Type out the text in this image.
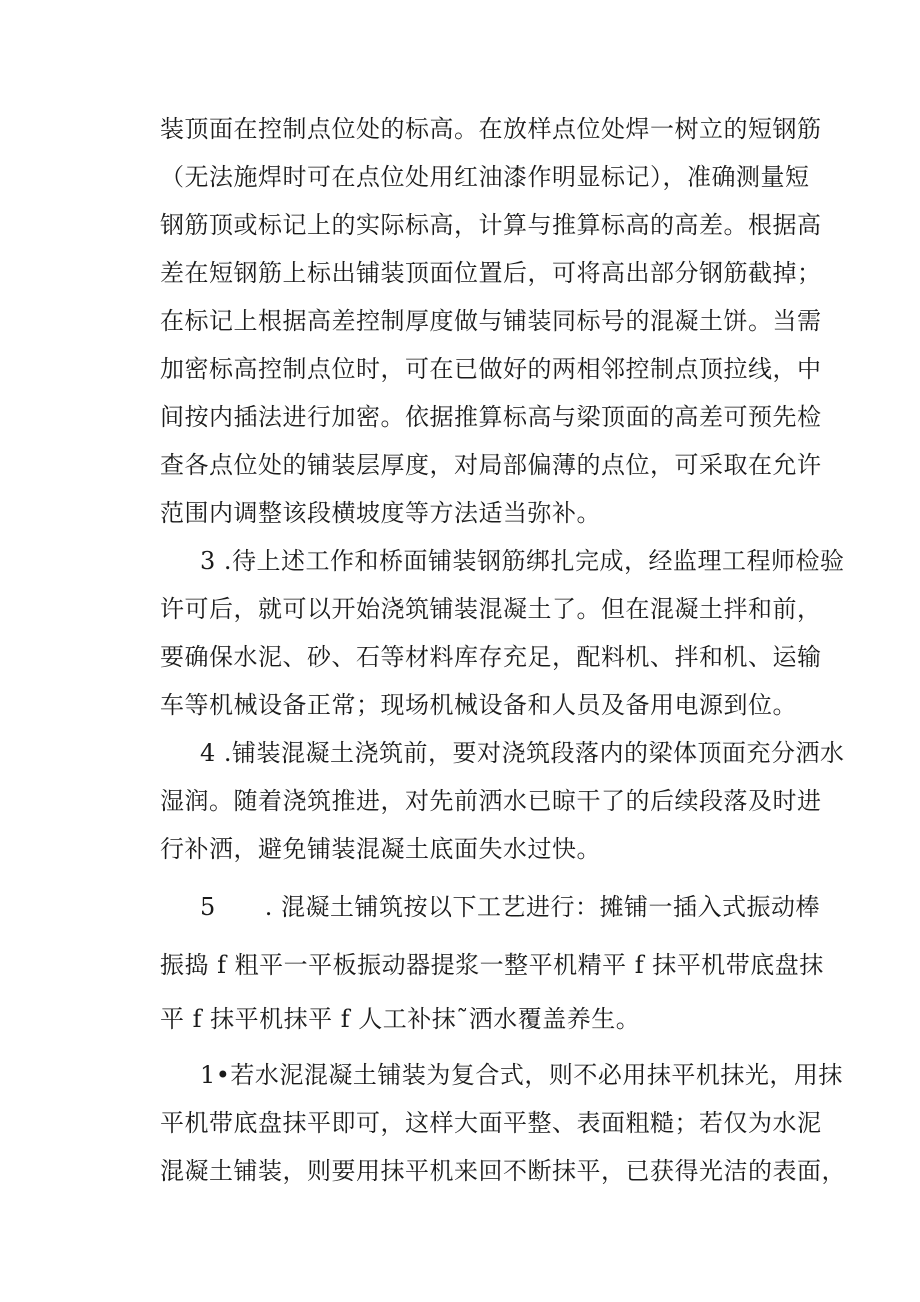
装顶面在控制点位处的标高。在放样点位处焊一树立的短钢筋
（无法施焊时可在点位处用红油漆作明显标记），准确测量短
钢筋顶或标记上的实际标高，计算与推算标高的高差。根据高
差在短钢筋上标出铺装顶面位置后，可将高出部分钢筋截掉；
在标记上根据高差控制厚度做与铺装同标号的混凝土饼。当需
加密标高控制点位时，可在已做好的两相邻控制点顶拉线，中
间按内插法进行加密。依据推算标高与梁顶面的高差可预先检
查各点位处的铺装层厚度，对局部偏薄的点位，可采取在允许
范围内调整该段横坡度等方法适当弥补。
3 .待上述工作和桥面铺装钢筋绑扎完成，经监理工程师检验
许可后，就可以开始浇筑铺装混凝土了。但在混凝土拌和前，
要确保水泥、砂、石等材料库存充足，配料机、拌和机、运输
车等机械设备正常；现场机械设备和人员及备用电源到位。
4 .铺装混凝土浇筑前，要对浇筑段落内的梁体顶面充分洒水
湿润。随着浇筑推进，对先前洒水已晾干了的后续段落及时进
行补洒，避免铺装混凝土底面失水过快。
5　　. 混凝土铺筑按以下工艺进行：摊铺一插入式振动棒
振捣 f 粗平一平板振动器提浆一整平机精平 f 抹平机带底盘抹
平 f 抹平机抹平 f 人工补抹˜洒水覆盖养生。
1•若水泥混凝土铺装为复合式，则不必用抹平机抹光，用抹
平机带底盘抹平即可，这样大面平整、表面粗糙；若仅为水泥
混凝土铺装，则要用抹平机来回不断抹平，已获得光洁的表面，
